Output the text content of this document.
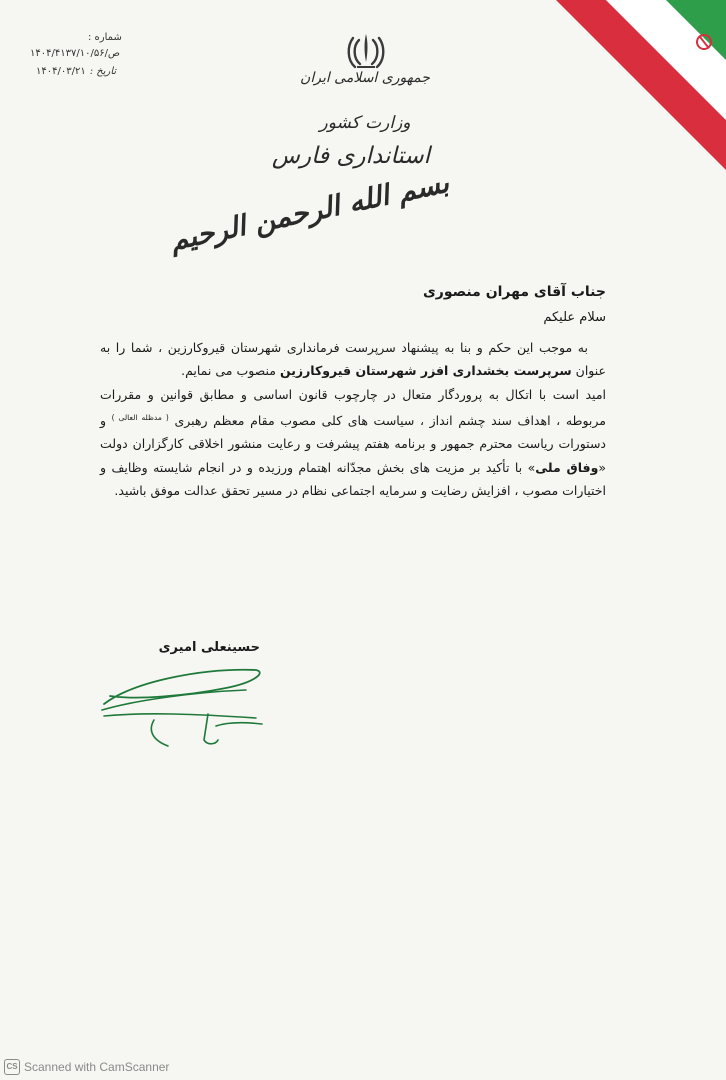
جمهوری اسلامی ایران
وزارت کشور
استانداری فارس
بسم الله الرحمن الرحیم
شماره :
ص/۱۴۰۴/۴۱۳۷/۱۰/۵۶
تاریخ :۱۴۰۴/۰۳/۲۱
جناب آقای مهران منصوری
سلام علیکم
به موجب این حکم و بنا به پیشنهاد سرپرست فرمانداری شهرستان قیروکارزین ، شما را به عنوان سرپرست بخشداری افزر شهرستان قیروکارزین منصوب می نمایم.
امید است با اتکال به پروردگار متعال در چارچوب قانون اساسی و مطابق قوانین و مقررات مربوطه ، اهداف سند چشم انداز ، سیاست های کلی مصوب مقام معظم رهبری $^{( مدظله العالی )}$ و دستورات ریاست محترم جمهور و برنامه هفتم پیشرفت و رعایت منشور اخلاقی کارگزاران دولت «وفاق ملی» با تأکید بر مزیت های بخش مجدّانه اهتمام ورزیده و در انجام شایسته وظایف و اختیارات مصوب ، افزایش رضایت و سرمایه اجتماعی نظام در مسیر تحقق عدالت موفق باشید.
حسینعلی امیری
CS Scanned with CamScanner
